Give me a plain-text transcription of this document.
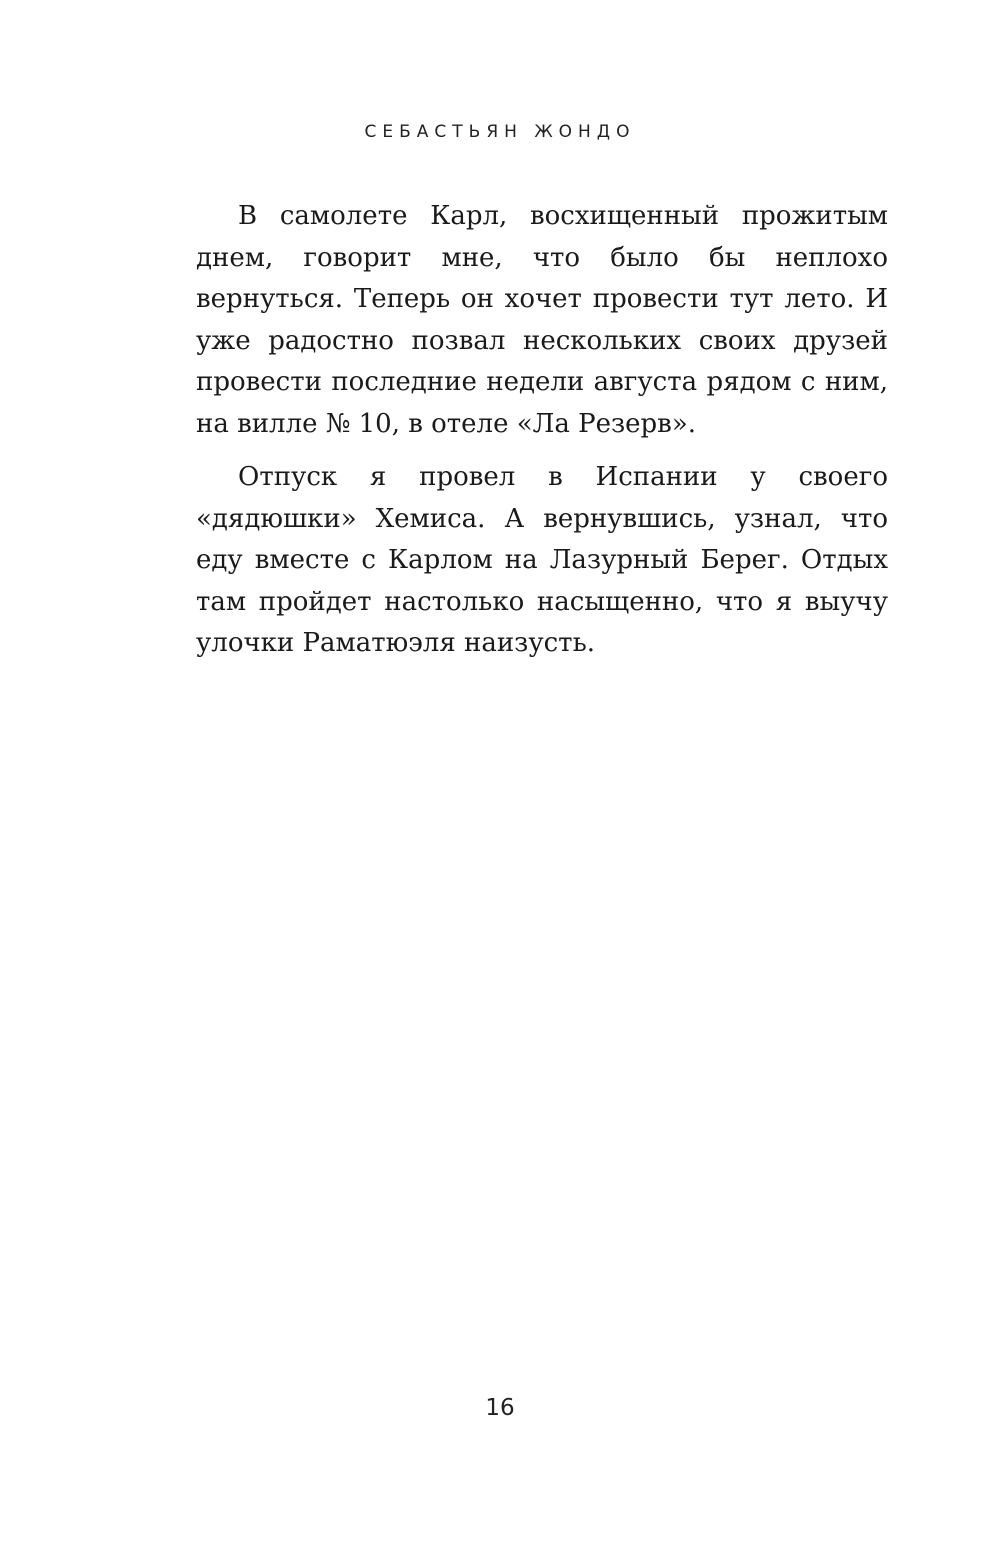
СЕБАСТЬЯН ЖОНДО

В самолете Карл, восхищенный прожитым днем, говорит мне, что было бы неплохо вернуться. Теперь он хочет провести тут лето. И уже радостно позвал нескольких своих друзей провести последние недели августа рядом с ним, на вилле № 10, в отеле «Ла Резерв».

Отпуск я провел в Испании у своего «дядюшки» Хемиса. А вернувшись, узнал, что еду вместе с Карлом на Лазурный Берег. Отдых там пройдет настолько насыщенно, что я выучу улочки Раматюэля наизусть.

16
